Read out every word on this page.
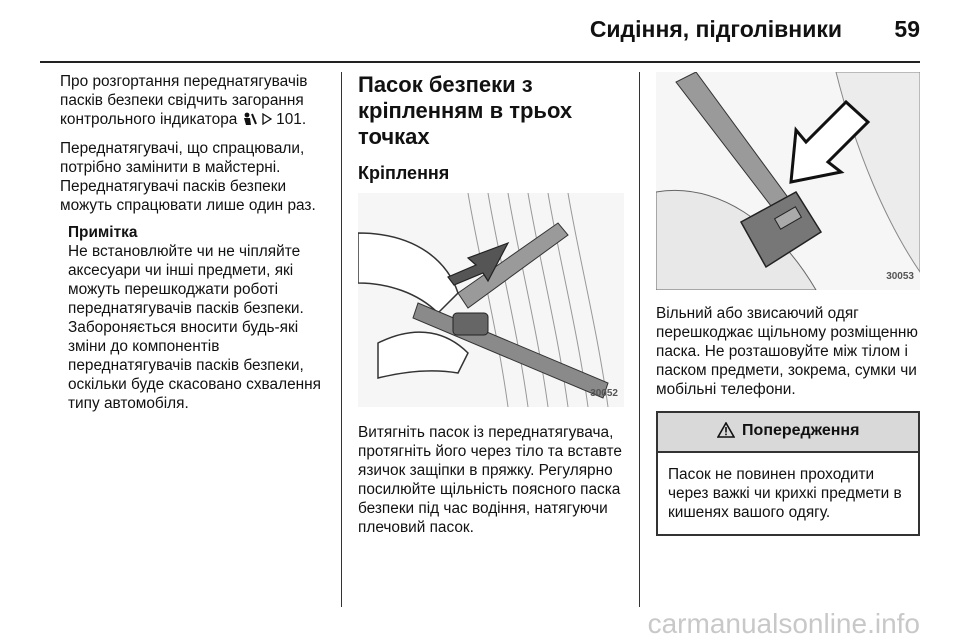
Сидіння, підголівники 59

Про розгортання переднатягувачів пасків безпеки свідчить загорання контрольного індикатора	101.

Переднатягувачі, що спрацювали, потрібно замінити в майстерні. Переднатягувачі пасків безпеки можуть спрацювати лише один раз.

Примітка
Не встановлюйте чи не чіпляйте аксесуари чи інші предмети, які можуть перешкоджати роботі переднатягувачів пасків безпеки. Забороняється вносити будь-які зміни до компонентів переднатягувачів пасків безпеки, оскільки буде скасовано схвалення типу автомобіля.
Пасок безпеки з кріпленням в трьох точках
Кріплення
30052

Витягніть пасок із переднатягувача, протягніть його через тіло та вставте язичок защіпки в пряжку. Регулярно посилюйте щільність поясного паска безпеки під час водіння, натягуючи плечовий пасок.

30053

Вільний або звисаючий одяг перешкоджає щільному розміщенню паска. Не розташовуйте між тілом і паском предмети, зокрема, сумки чи мобільні телефони.

Попередження
Пасок не повинен проходити через важкі чи крихкі предмети в кишенях вашого одягу.
carmanualsonline.info
